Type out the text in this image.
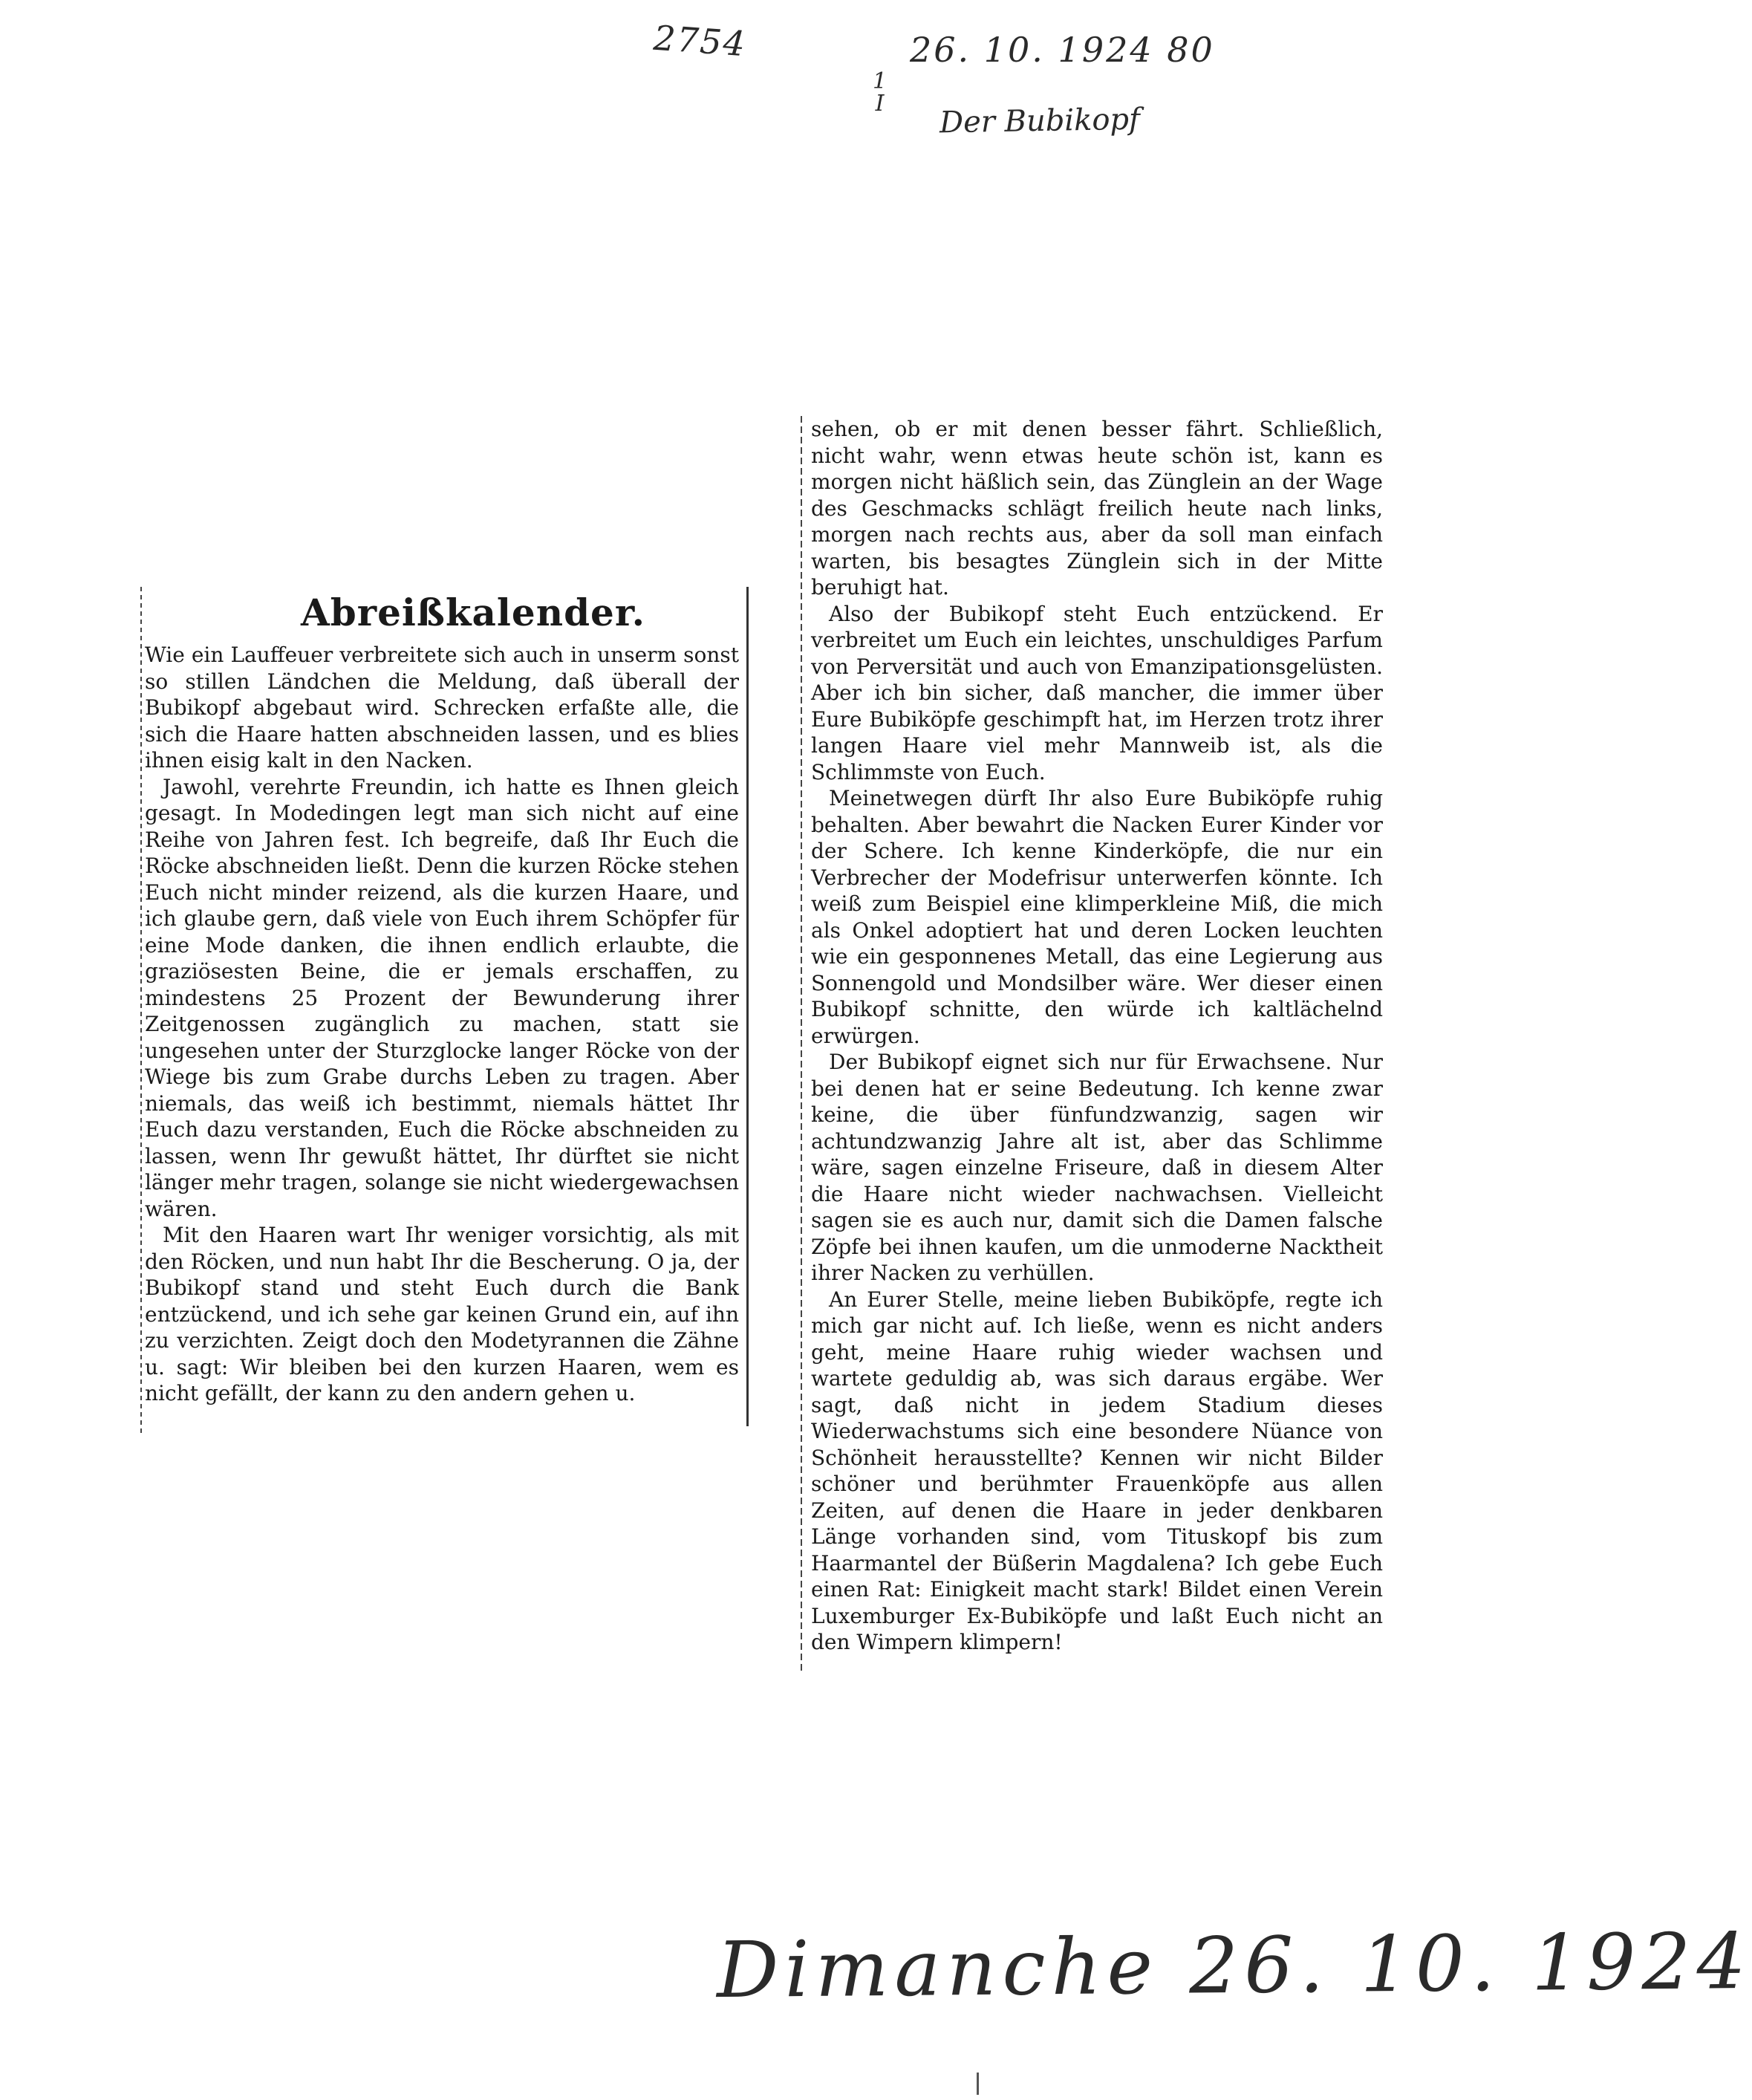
2754	26. 10. 1924 80
1
I Der Bubikopf
Abreißkalender.

Wie ein Lauffeuer verbreitete sich auch in unserm sonst so stillen Ländchen die Meldung, daß überall der Bubikopf abgebaut wird. Schrecken erfaßte alle, die sich die Haare hatten abschneiden lassen, und es blies ihnen eisig kalt in den Nacken.

Jawohl, verehrte Freundin, ich hatte es Ihnen gleich gesagt. In Modedingen legt man sich nicht auf eine Reihe von Jahren fest. Ich begreife, daß Ihr Euch die Röcke abschneiden ließt. Denn die kurzen Röcke stehen Euch nicht minder reizend, als die kurzen Haare, und ich glaube gern, daß viele von Euch ihrem Schöpfer für eine Mode danken, die ihnen endlich erlaubte, die graziösesten Beine, die er jemals erschaffen, zu mindestens 25 Prozent der Bewunderung ihrer Zeitgenossen zugänglich zu machen, statt sie ungesehen unter der Sturzglocke langer Röcke von der Wiege bis zum Grabe durchs Leben zu tragen. Aber niemals, das weiß ich bestimmt, niemals hättet Ihr Euch dazu verstanden, Euch die Röcke abschneiden zu lassen, wenn Ihr gewußt hättet, Ihr dürftet sie nicht länger mehr tragen, solange sie nicht wiedergewachsen wären.

Mit den Haaren wart Ihr weniger vorsichtig, als mit den Röcken, und nun habt Ihr die Bescherung. O ja, der Bubikopf stand und steht Euch durch die Bank entzückend, und ich sehe gar keinen Grund ein, auf ihn zu verzichten. Zeigt doch den Modetyrannen die Zähne u. sagt: Wir bleiben bei den kurzen Haaren, wem es nicht gefällt, der kann zu den andern gehen u.

sehen, ob er mit denen besser fährt. Schließlich, nicht wahr, wenn etwas heute schön ist, kann es morgen nicht häßlich sein, das Zünglein an der Wage des Geschmacks schlägt freilich heute nach links, morgen nach rechts aus, aber da soll man einfach warten, bis besagtes Zünglein sich in der Mitte beruhigt hat.

Also der Bubikopf steht Euch entzückend. Er verbreitet um Euch ein leichtes, unschuldiges Parfum von Perversität und auch von Emanzipationsgelüsten. Aber ich bin sicher, daß mancher, die immer über Eure Bubiköpfe geschimpft hat, im Herzen trotz ihrer langen Haare viel mehr Mannweib ist, als die Schlimmste von Euch.

Meinetwegen dürft Ihr also Eure Bubiköpfe ruhig behalten. Aber bewahrt die Nacken Eurer Kinder vor der Schere. Ich kenne Kinderköpfe, die nur ein Verbrecher der Modefrisur unterwerfen könnte. Ich weiß zum Beispiel eine klimperkleine Miß, die mich als Onkel adoptiert hat und deren Locken leuchten wie ein gesponnenes Metall, das eine Legierung aus Sonnengold und Mondsilber wäre. Wer dieser einen Bubikopf schnitte, den würde ich kaltlächelnd erwürgen.

Der Bubikopf eignet sich nur für Erwachsene. Nur bei denen hat er seine Bedeutung. Ich kenne zwar keine, die über fünfundzwanzig, sagen wir achtundzwanzig Jahre alt ist, aber das Schlimme wäre, sagen einzelne Friseure, daß in diesem Alter die Haare nicht wieder nachwachsen. Vielleicht sagen sie es auch nur, damit sich die Damen falsche Zöpfe bei ihnen kaufen, um die unmoderne Nacktheit ihrer Nacken zu verhüllen.

An Eurer Stelle, meine lieben Bubiköpfe, regte ich mich gar nicht auf. Ich ließe, wenn es nicht anders geht, meine Haare ruhig wieder wachsen und wartete geduldig ab, was sich daraus ergäbe. Wer sagt, daß nicht in jedem Stadium dieses Wiederwachstums sich eine besondere Nüance von Schönheit herausstellte? Kennen wir nicht Bilder schöner und berühmter Frauenköpfe aus allen Zeiten, auf denen die Haare in jeder denkbaren Länge vorhanden sind, vom Tituskopf bis zum Haarmantel der Büßerin Magdalena? Ich gebe Euch einen Rat: Einigkeit macht stark! Bildet einen Verein Luxemburger Ex-Bubiköpfe und laßt Euch nicht an den Wimpern klimpern!

Dimanche 26. 10. 1924
